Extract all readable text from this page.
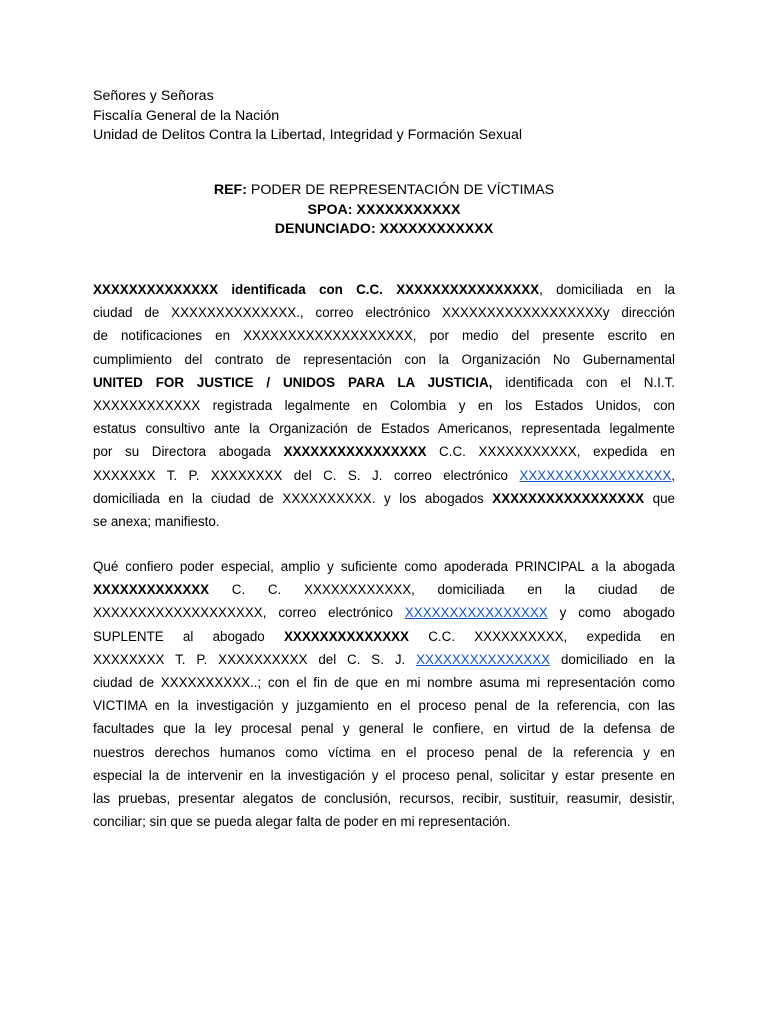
Señores y Señoras
Fiscalía General de la Nación
Unidad de Delitos Contra la Libertad, Integridad y Formación Sexual
REF: PODER DE REPRESENTACIÓN DE VÍCTIMAS
SPOA: XXXXXXXXXXX
DENUNCIADO: XXXXXXXXXXXX
XXXXXXXXXXXXXX identificada con C.C. XXXXXXXXXXXXXXXX, domiciliada en la
ciudad de XXXXXXXXXXXXXX., correo electrónico XXXXXXXXXXXXXXXXXXy dirección
de notificaciones en XXXXXXXXXXXXXXXXXXX, por medio del presente escrito en
cumplimiento del contrato de representación con la Organización No Gubernamental
UNITED FOR JUSTICE / UNIDOS PARA LA JUSTICIA, identificada con el N.I.T.
XXXXXXXXXXXX registrada legalmente en Colombia y en los Estados Unidos, con
estatus consultivo ante la Organización de Estados Americanos, representada legalmente
por su Directora abogada XXXXXXXXXXXXXXXX C.C. XXXXXXXXXXX, expedida en
XXXXXXX T. P. XXXXXXXX del C. S. J. correo electrónico XXXXXXXXXXXXXXXXX,
domiciliada en la ciudad de XXXXXXXXXX. y los abogados XXXXXXXXXXXXXXXXX que
se anexa; manifiesto.
Qué confiero poder especial, amplio y suficiente como apoderada PRINCIPAL a la abogada
XXXXXXXXXXXXX C. C. XXXXXXXXXXXX, domiciliada en la ciudad de
XXXXXXXXXXXXXXXXXXX, correo electrónico XXXXXXXXXXXXXXXX y como abogado
SUPLENTE al abogado XXXXXXXXXXXXXX C.C. XXXXXXXXXX, expedida en
XXXXXXXX T. P. XXXXXXXXXX del C. S. J. XXXXXXXXXXXXXXX domiciliado en la
ciudad de XXXXXXXXXX..; con el fin de que en mi nombre asuma mi representación como
VICTIMA en la investigación y juzgamiento en el proceso penal de la referencia, con las
facultades que la ley procesal penal y general le confiere, en virtud de la defensa de
nuestros derechos humanos como víctima en el proceso penal de la referencia y en
especial la de intervenir en la investigación y el proceso penal, solicitar y estar presente en
las pruebas, presentar alegatos de conclusión, recursos, recibir, sustituir, reasumir, desistir,
conciliar; sin que se pueda alegar falta de poder en mi representación.
